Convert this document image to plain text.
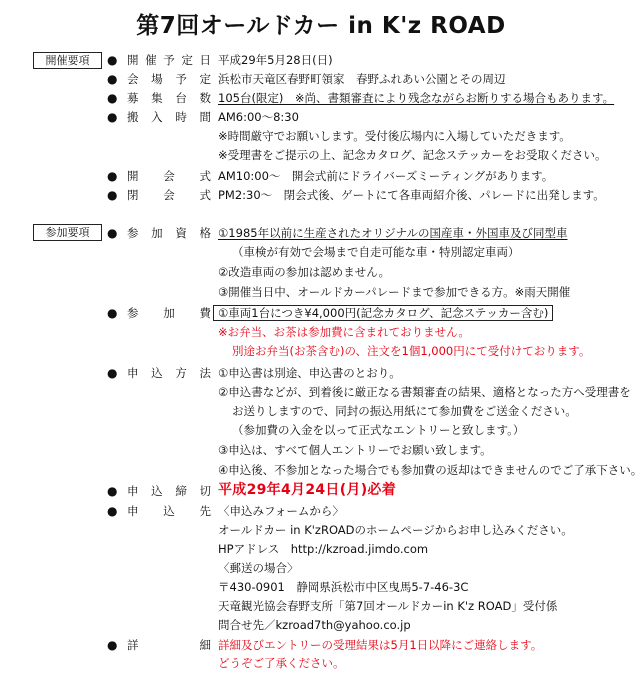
第7回オールドカー in K'z ROAD
開催要項	● 開 催 予 定 日 平成29年5月28日(日)
● 会 場 予 定 浜松市天竜区春野町領家　春野ふれあい公園とその周辺
● 募 集 台 数 105台(限定)　※尚、書類審査により残念ながらお断りする場合もあります。
● 搬 入 時 間 AM6:00～8:30
※時間厳守でお願いします。受付後広場内に入場していただきます。
※受理書をご提示の上、記念カタログ、記念ステッカーをお受取ください。
● 開 会 式 AM10:00～　開会式前にドライバーズミーティングがあります。
● 閉 会 式 PM2:30～　閉会式後、ゲートにて各車両紹介後、パレードに出発します。
参加要項	● 参 加 資 格 ①1985年以前に生産されたオリジナルの国産車・外国車及び同型車
（車検が有効で会場まで自走可能な車・特別認定車両）
②改造車両の参加は認めません。
③開催当日中、オールドカーパレードまで参加できる方。※雨天開催
● 参 加 費 ①車両1台につき¥4,000円(記念カタログ、記念ステッカー含む)
※お弁当、お茶は参加費に含まれておりません。
別途お弁当(お茶含む)の、注文を1個1,000円にて受付けております。
● 申 込 方 法 ①申込書は別途、申込書のとおり。
②申込書などが、到着後に厳正なる書類審査の結果、適格となった方へ受理書を
お送りしますので、同封の振込用紙にて参加費をご送金ください。
（参加費の入金を以って正式なエントリーと致します。）
③申込は、すべて個人エントリーでお願い致します。
④申込後、不参加となった場合でも参加費の返却はできませんのでご了承下さい。
● 申 込 締 切 平成29年4月24日(月)必着
● 申 込 先 〈申込みフォームから〉
オールドカー in K'zROADのホームページからお申し込みください。
HPアドレス　http://kzroad.jimdo.com
〈郵送の場合〉
〒430-0901　静岡県浜松市中区曳馬5-7-46-3C
天竜観光協会春野支所「第7回オールドカーin K'z ROAD」受付係
問合せ先／kzroad7th@yahoo.co.jp
● 詳	細 詳細及びエントリーの受理結果は5月1日以降にご連絡します。
どうぞご了承ください。
